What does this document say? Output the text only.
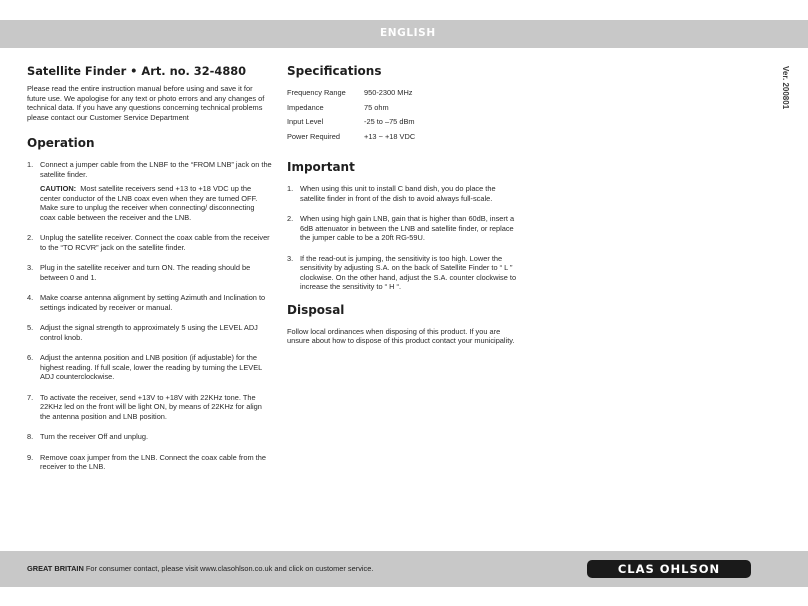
ENGLISH
Ver. 200801
Satellite Finder • Art. no. 32-4880

Please read the entire instruction manual before using and save it for future use. We apologise for any text or photo errors and any changes of technical data. If you have any questions concerning technical problems please contact our Customer Service Department

Operation
1. Connect a jumper cable from the LNBF to the “FROM LNB” jack on the satellite finder.
CAUTION: Most satellite receivers send +13 to +18 VDC up the center conductor of the LNB coax even when they are turned OFF. Make sure to unplug the receiver when connecting/ disconnecting coax cable between the receiver and the LNB.
2. Unplug the satellite receiver. Connect the coax cable from the receiver to the “TO RCVR” jack on the satellite finder.
3. Plug in the satellite receiver and turn ON. The reading should be between 0 and 1.
4. Make coarse antenna alignment by setting Azimuth and Inclination to settings indicated by receiver or manual.
5. Adjust the signal strength to approximately 5 using the LEVEL ADJ control knob.
6. Adjust the antenna position and LNB position (if adjustable) for the highest reading. If full scale, lower the reading by turning the LEVEL ADJ counterclockwise.
7. To activate the receiver, send +13V to +18V with 22KHz tone. The 22KHz led on the front will be light ON, by means of 22KHz for align the antenna position and LNB position.
8. Turn the receiver Off and unplug.
9. Remove coax jumper from the LNB. Connect the coax cable from the receiver to the LNB.
Specifications
Frequency Range	950-2300 MHz
Impedance	75 ohm
Input Level	-25 to –75 dBm
Power Required	+13 ~ +18 VDC
Important
1. When using this unit to install C band dish, you do place the satellite finder in front of the dish to avoid always full-scale.
2. When using high gain LNB, gain that is higher than 60dB, insert a 6dB attenuator in between the LNB and satellite finder, or replace the jumper cable to be a 20ft RG-59U.
3. If the read-out is jumping, the sensitivity is too high. Lower the sensitivity by adjusting S.A. on the back of Satellite Finder to “ L ” clockwise. On the other hand, adjust the S.A. counter clockwise to increase the sensitivity to “ H “.
Disposal

Follow local ordinances when disposing of this product. If you are unsure about how to dispose of this product contact your municipality.

GREAT BRITAIN For consumer contact, please visit www.clasohlson.co.uk and click on customer service.	CLAS OHLSON
